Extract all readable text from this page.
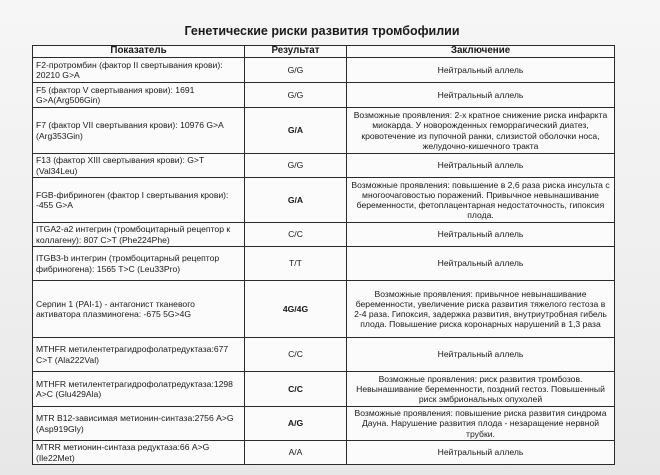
Генетические риски развития тромбофилии
Показатель	Результат	Заключение
F2-протромбин (фактор II свертывания крови): 20210 G>A	G/G	Нейтральный аллель
F5 (фактор V свертывания крови): 1691 G>A(Arg506Gin)	G/G	Нейтральный аллель
F7 (фактор VII свертывания крови): 10976 G>A (Arg353Gin)	G/A	Возможные проявления: 2-х кратное снижение риска инфаркта миокарда. У новорожденных геморрагический диатез, кровотечение из пупочной ранки, слизистой оболочки носа, желудочно-кишечного тракта
F13 (фактор XIII свертывания крови): G>T (Val34Leu)	G/G	Нейтральный аллель
FGB-фибриноген (фактор I свертывания крови): -455 G>A	G/A	Возможные проявления: повышение в 2,6 раза риска инсульта с многоочаговостью поражений. Привычное невынашивание беременности, фетоплацентарная недостаточность, гипоксия плода.
ITGA2-a2 интегрин (тромбоцитарный рецептор к коллагену): 807 C>T (Phe224Phe)	C/C	Нейтральный аллель
ITGB3-b интегрин (тромбоцитарный рецептор фибриногена): 1565 T>C (Leu33Pro)	T/T	Нейтральный аллель
Серпин 1 (PAI-1) - антагонист тканевого активатора плазминогена: -675 5G>4G	4G/4G	Возможные проявления: привычное невынашивание беременности, увеличение риска развития тяжелого гестоза в 2-4 раза. Гипоксия, задержка развития, внутриутробная гибель плода. Повышение риска коронарных нарушений в 1,3 раза
MTHFR метилентетрагидрофолатредуктаза:677 C>T (Ala222Val)	C/C	Нейтральный аллель
MTHFR метилентетрагидрофолатредуктаза:1298 A>C (Glu429Ala)	C/C	Возможные проявления: риск развития тромбозов. Невынашивание беременности, поздний гестоз. Повышенный риск эмбриональных опухолей
MTR B12-зависимая метионин-синтаза:2756 A>G (Asp919Gly)	A/G	Возможные проявления: повышение риска развития синдрома Дауна. Нарушение развития плода - незаращение нервной трубки.
MTRR метионин-синтаза редуктаза:66 A>G (Ile22Met)	A/A	Нейтральный аллель
